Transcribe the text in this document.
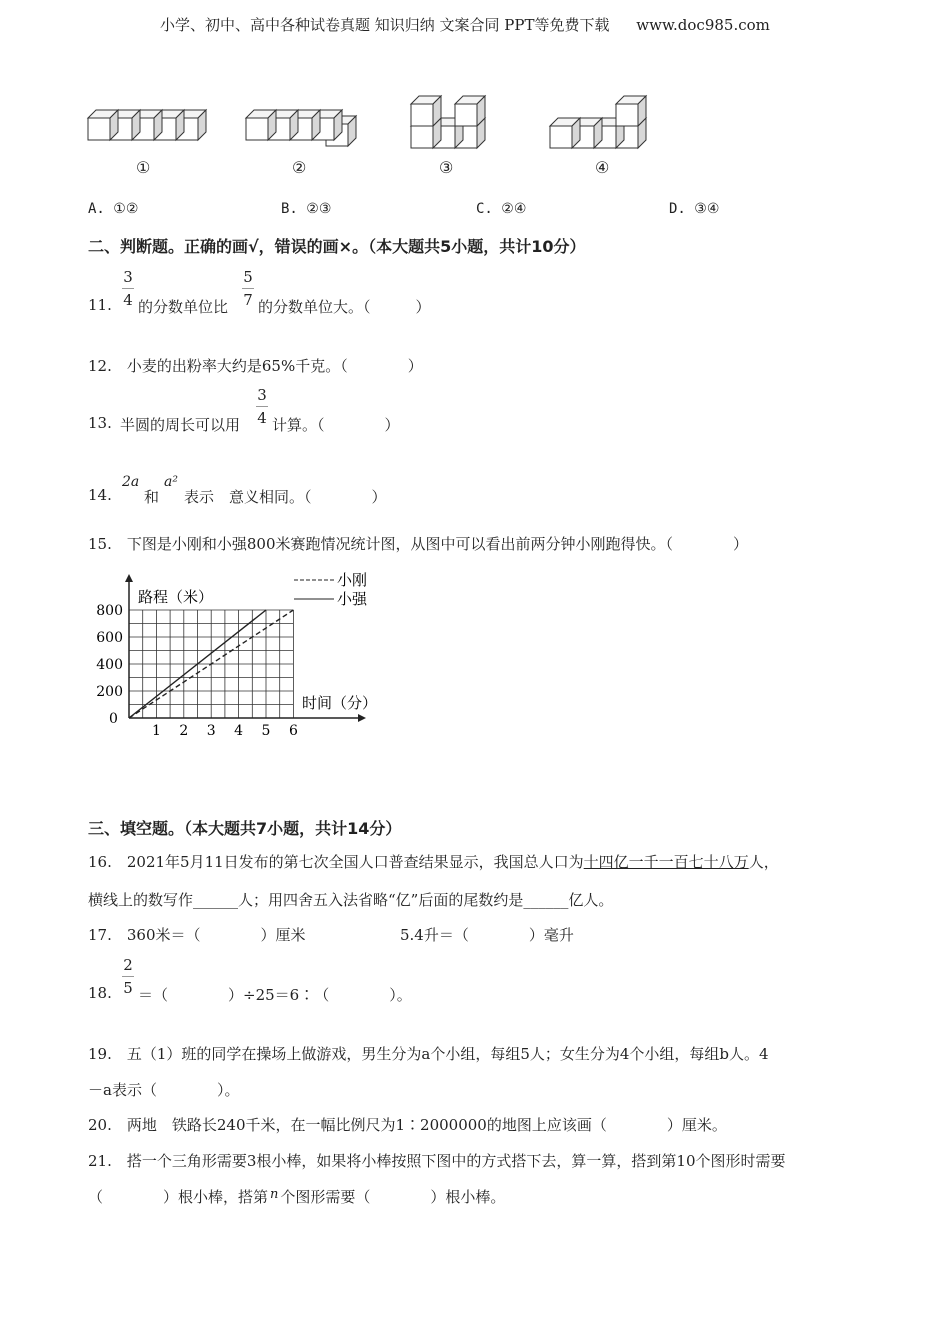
小学、初中、高中各种试卷真题 知识归纳 文案合同 PPT等免费下载 www.doc985.com
①	②	③	④
A. ①②	B. ②③	C. ②④	D. ③④
二、判断题。正确的画√，错误的画×。（本大题共5小题，共计10分）
11.
3
4 的分数单位比
5
7 的分数单位大。（　　　）
12.　小麦的出粉率大约是65%千克。（　　　　）
13. 半圆的周长可以用
3
4 计算。（　　　　）
14.
2a
和
a²
表示　意义相同。（　　　　）
15.　下图是小刚和小强800米赛跑情况统计图，从图中可以看出前两分钟小刚跑得快。（　　　　）
800
600
400
200
0
1 2 3 4 5 6
路程（米）
时间（分）
小刚
小强
三、填空题。（本大题共7小题，共计14分）
16.　2021年5月11日发布的第七次全国人口普查结果显示，我国总人口为十四亿一千一百七十八万人，
横线上的数写作______人；用四舍五入法省略“亿”后面的尾数约是______亿人。
17.　360米＝（　　　　）厘米	5.4升＝（　　　　）毫升
18.
2
5 ＝（　　　　）÷25＝6∶（　　　　）。
19.　五（1）班的同学在操场上做游戏，男生分为a个小组，每组5人；女生分为4个小组，每组b人。4
－a表示（　　　　）。
20.　两地　铁路长240千米，在一幅比例尺为1∶2000000的地图上应该画（　　　　）厘米。
21.　搭一个三角形需要3根小棒，如果将小棒按照下图中的方式搭下去，算一算，搭到第10个图形时需要
（　　　　）根小棒，搭第 n 个图形需要（　　　　）根小棒。
